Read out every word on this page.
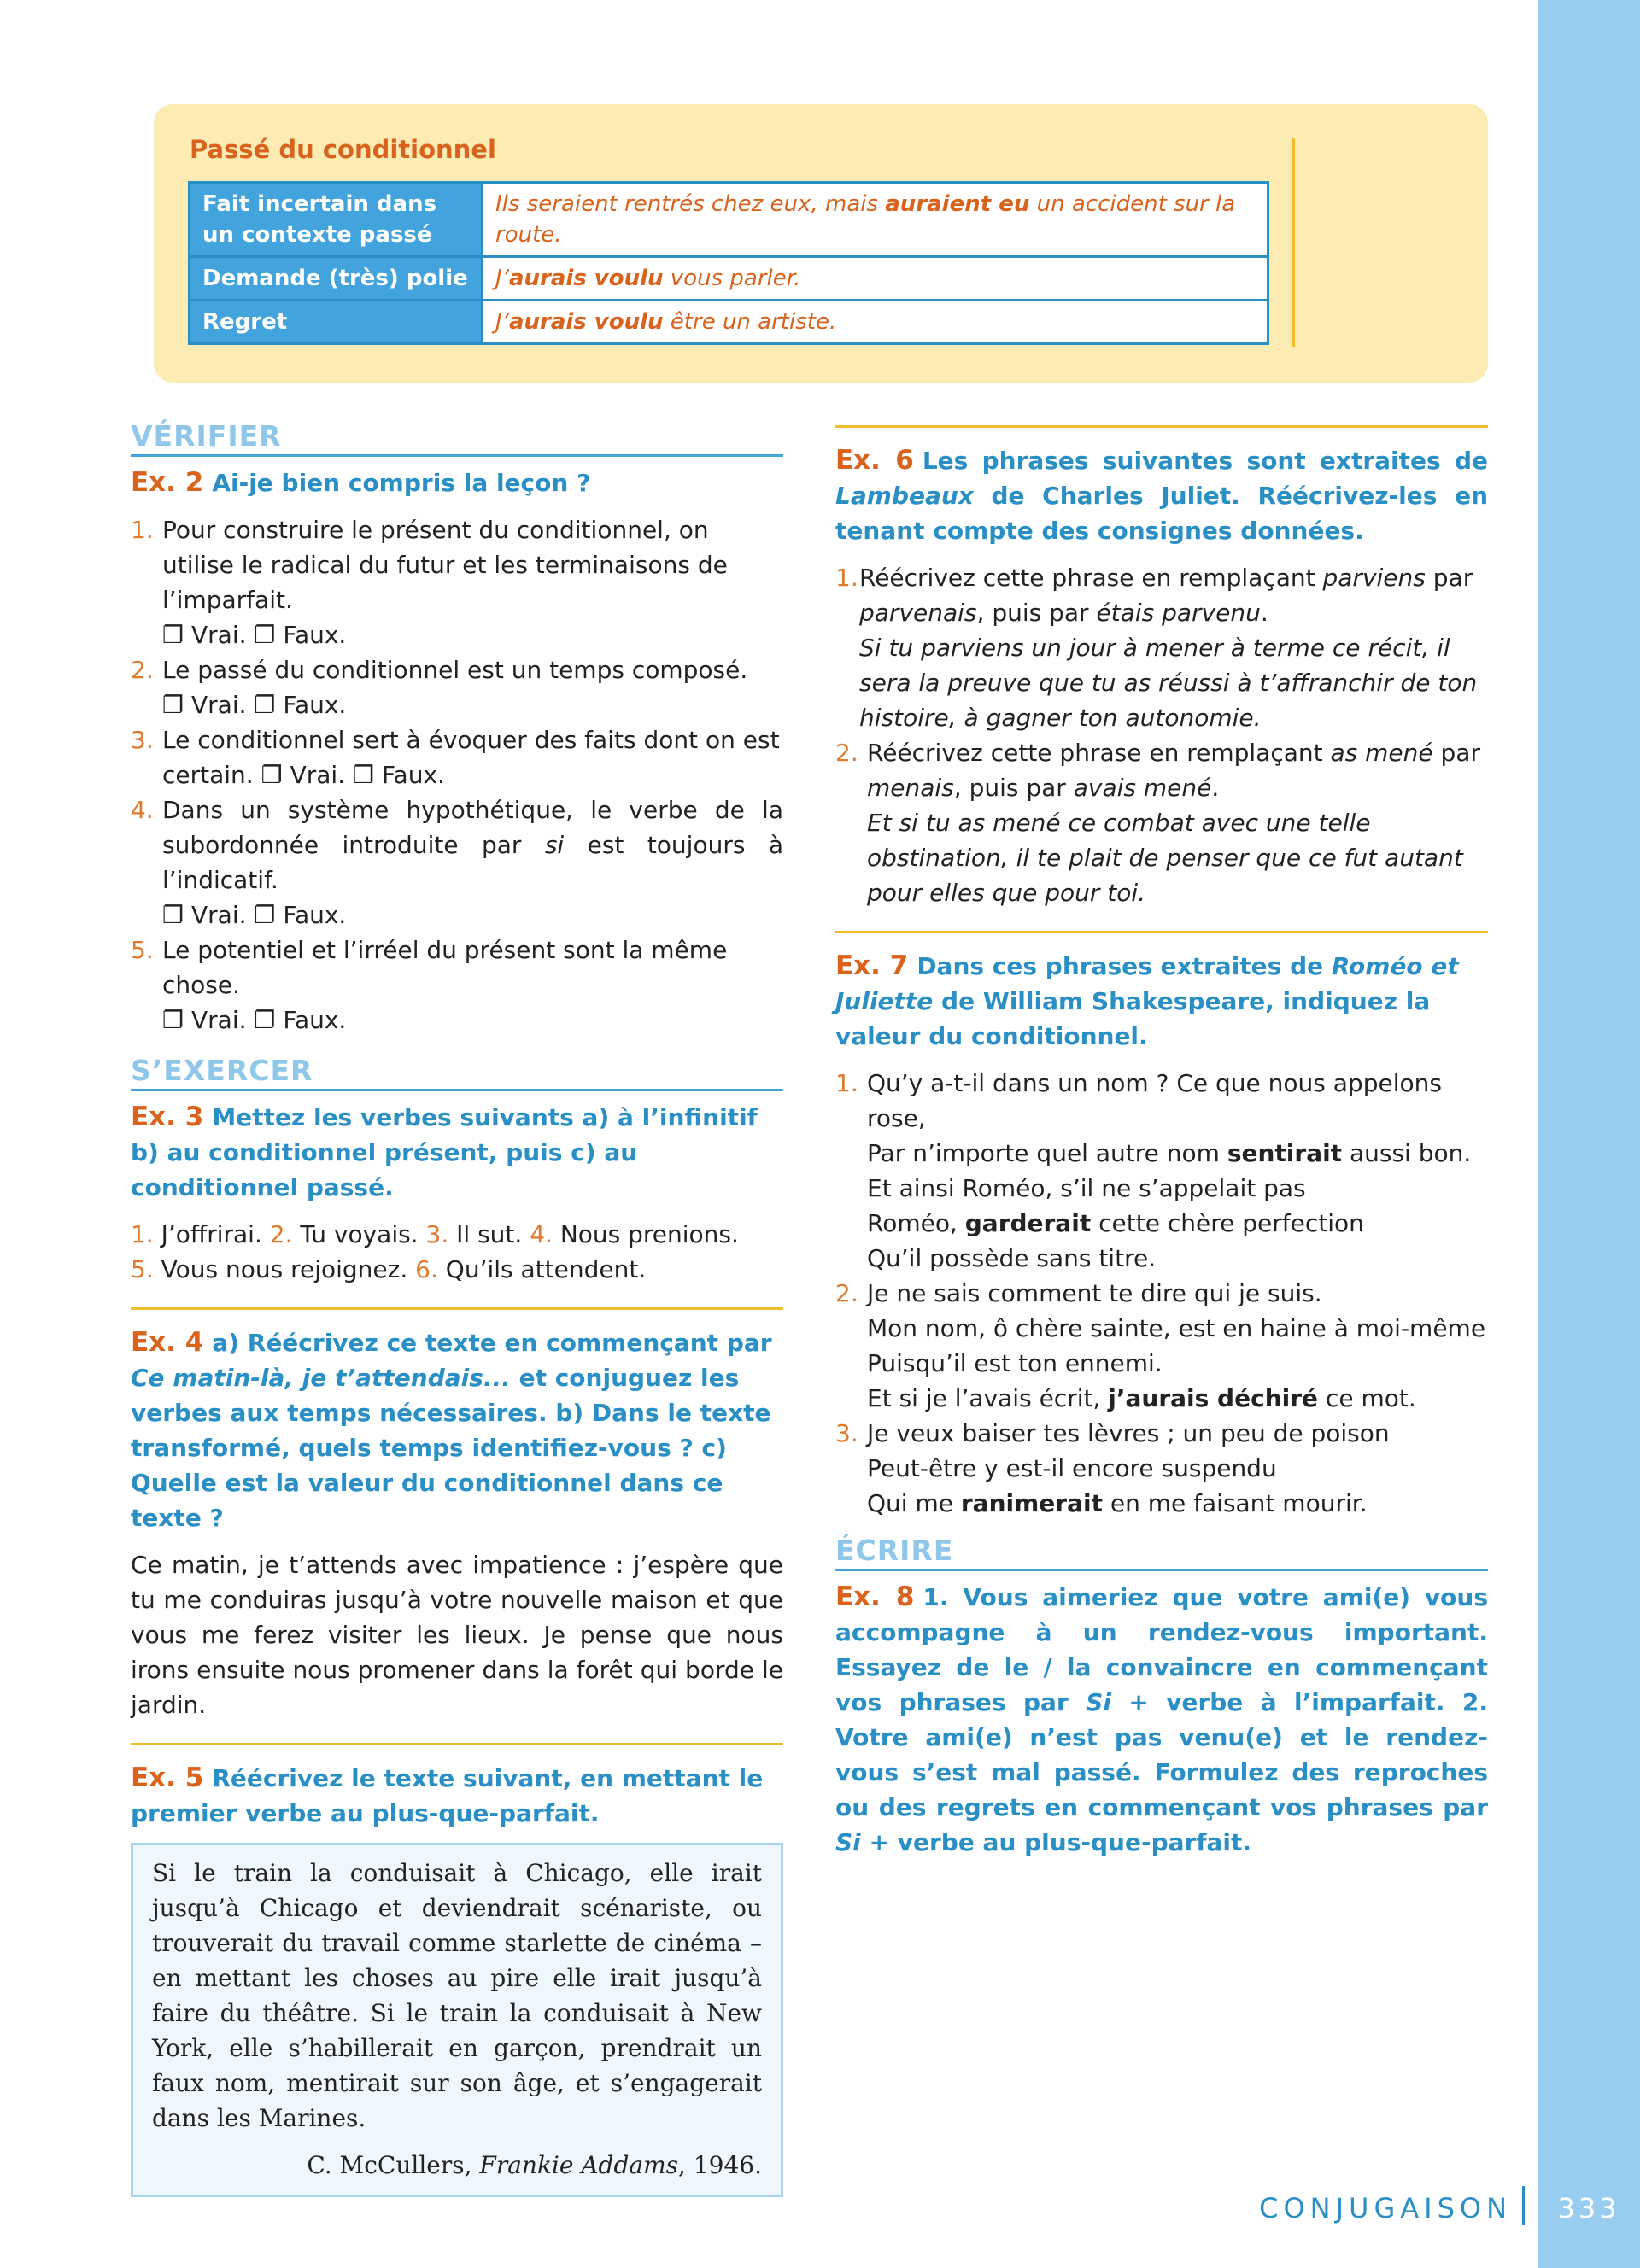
Passé du conditionnel
Fait incertain dans un contexte passé	Ils seraient rentrés chez eux, mais auraient eu un accident sur la route.
Demande (très) polie	J’aurais voulu vous parler.
Regret	J’aurais voulu être un artiste.
VÉRIFIER
Ex. 2 Ai-je bien compris la leçon ?
1. Pour construire le présent du conditionnel, on utilise le radical du futur et les terminaisons de l’imparfait.
❐ Vrai. ❐ Faux.
2. Le passé du conditionnel est un temps composé.
❐ Vrai. ❐ Faux.
3. Le conditionnel sert à évoquer des faits dont on est certain. ❐ Vrai. ❐ Faux.
4. Dans un système hypothétique, le verbe de la subordonnée introduite par si est toujours à l’indicatif.
❐ Vrai. ❐ Faux.
5. Le potentiel et l’irréel du présent sont la même chose.
❐ Vrai. ❐ Faux.
S’EXERCER
Ex. 3 Mettez les verbes suivants a) à l’infinitif b) au conditionnel présent, puis c) au conditionnel passé.
1. J’offrirai. 2. Tu voyais. 3. Il sut. 4. Nous prenions.
5. Vous nous rejoignez. 6. Qu’ils attendent.
Ex. 4 a) Réécrivez ce texte en commençant par Ce matin-là, je t’attendais... et conjuguez les verbes aux temps nécessaires. b) Dans le texte transformé, quels temps identifiez-vous ? c) Quelle est la valeur du conditionnel dans ce texte ?
Ce matin, je t’attends avec impatience : j’espère que tu me conduiras jusqu’à votre nouvelle maison et que vous me ferez visiter les lieux. Je pense que nous irons ensuite nous promener dans la forêt qui borde le jardin.
Ex. 5 Réécrivez le texte suivant, en mettant le premier verbe au plus-que-parfait.
Si le train la conduisait à Chicago, elle irait jusqu’à Chicago et deviendrait scénariste, ou trouverait du travail comme starlette de cinéma – en mettant les choses au pire elle irait jusqu’à faire du théâtre. Si le train la conduisait à New York, elle s’habillerait en garçon, prendrait un faux nom, mentirait sur son âge, et s’engagerait dans les Marines.
C. McCullers, Frankie Addams, 1946.
Ex. 6 Les phrases suivantes sont extraites de Lambeaux de Charles Juliet. Réécrivez-les en tenant compte des consignes données.
1. Réécrivez cette phrase en remplaçant parviens par parvenais, puis par étais parvenu.
Si tu parviens un jour à mener à terme ce récit, il sera la preuve que tu as réussi à t’affranchir de ton histoire, à gagner ton autonomie.
2. Réécrivez cette phrase en remplaçant as mené par menais, puis par avais mené.
Et si tu as mené ce combat avec une telle obstination, il te plait de penser que ce fut autant pour elles que pour toi.
Ex. 7 Dans ces phrases extraites de Roméo et Juliette de William Shakespeare, indiquez la valeur du conditionnel.
1. Qu’y a-t-il dans un nom ? Ce que nous appelons rose,
Par n’importe quel autre nom sentirait aussi bon.
Et ainsi Roméo, s’il ne s’appelait pas
Roméo, garderait cette chère perfection
Qu’il possède sans titre.
2. Je ne sais comment te dire qui je suis.
Mon nom, ô chère sainte, est en haine à moi-même
Puisqu’il est ton ennemi.
Et si je l’avais écrit, j’aurais déchiré ce mot.
3. Je veux baiser tes lèvres ; un peu de poison
Peut-être y est-il encore suspendu
Qui me ranimerait en me faisant mourir.
ÉCRIRE
Ex. 8 1. Vous aimeriez que votre ami(e) vous accompagne à un rendez-vous important. Essayez de le / la convaincre en commençant vos phrases par Si + verbe à l’imparfait. 2. Votre ami(e) n’est pas venu(e) et le rendez-vous s’est mal passé. Formulez des reproches ou des regrets en commençant vos phrases par Si + verbe au plus-que-parfait.
CONJUGAISON	333
